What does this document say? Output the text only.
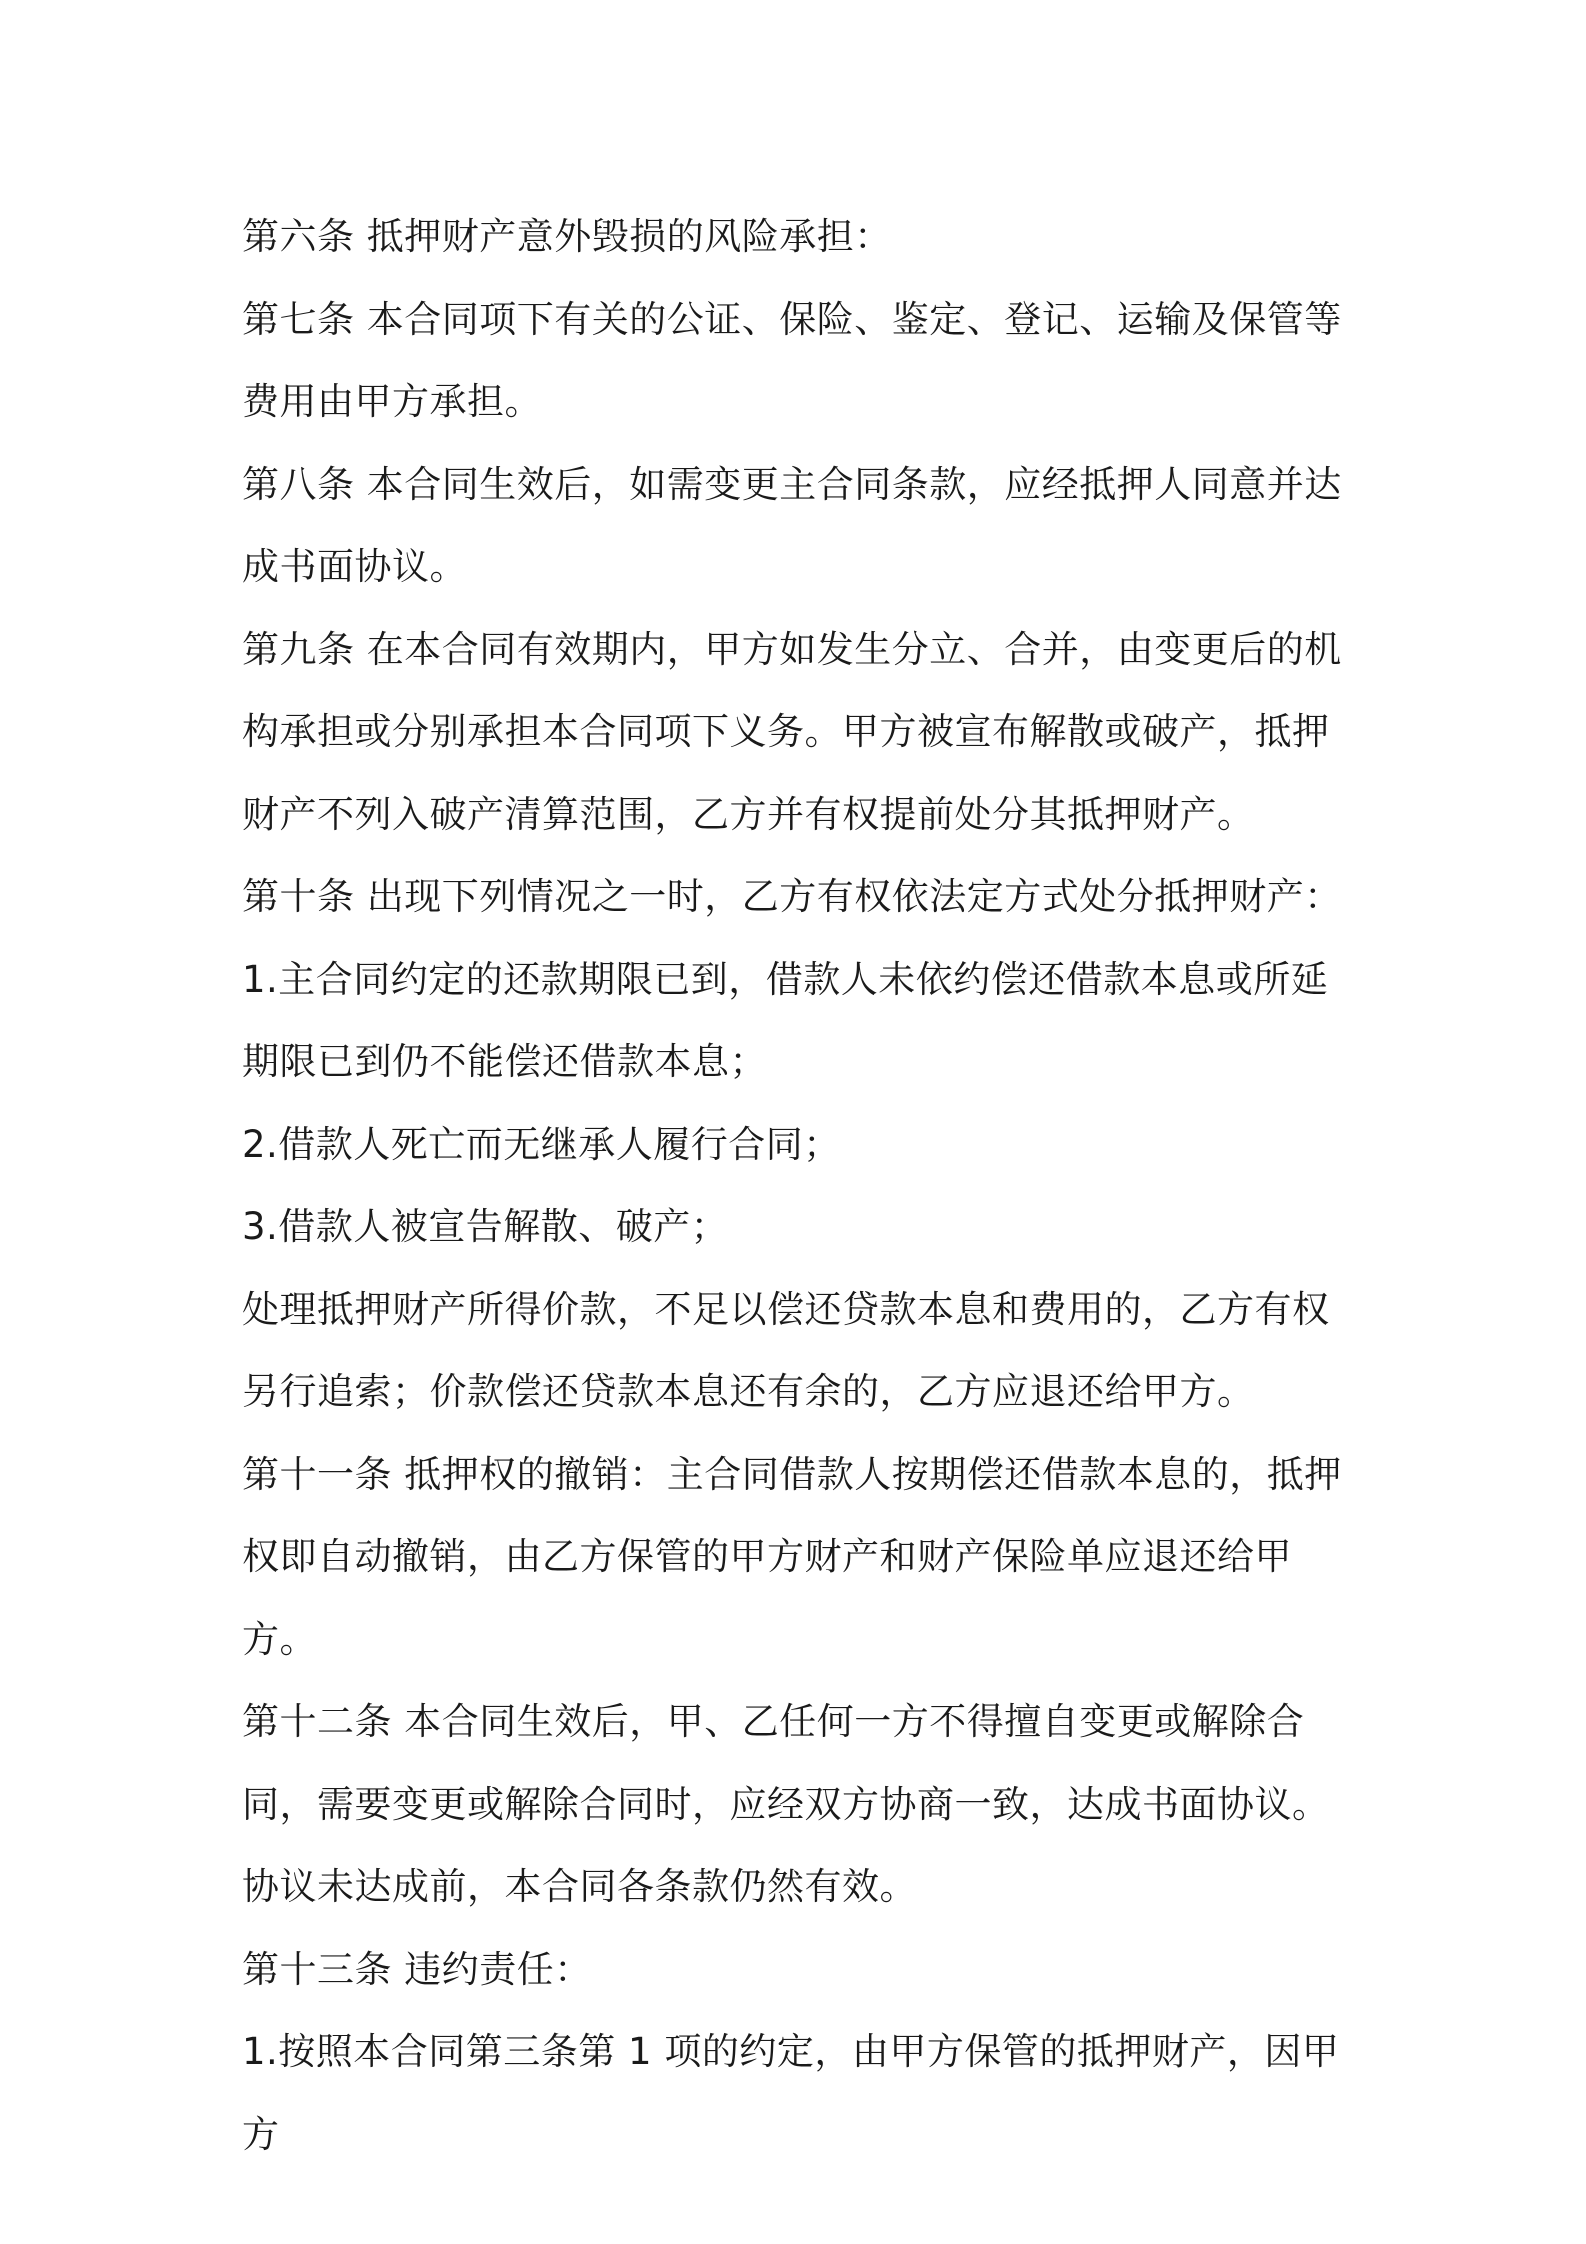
第六条 抵押财产意外毁损的风险承担：

第七条 本合同项下有关的公证、保险、鉴定、登记、运输及保管等费用由甲方承担。

第八条 本合同生效后，如需变更主合同条款，应经抵押人同意并达成书面协议。

第九条 在本合同有效期内，甲方如发生分立、合并，由变更后的机构承担或分别承担本合同项下义务。甲方被宣布解散或破产，抵押财产不列入破产清算范围，乙方并有权提前处分其抵押财产。

第十条 出现下列情况之一时，乙方有权依法定方式处分抵押财产：

1.主合同约定的还款期限已到，借款人未依约偿还借款本息或所延期限已到仍不能偿还借款本息；

2.借款人死亡而无继承人履行合同；

3.借款人被宣告解散、破产；

处理抵押财产所得价款，不足以偿还贷款本息和费用的，乙方有权另行追索；价款偿还贷款本息还有余的，乙方应退还给甲方。

第十一条 抵押权的撤销：主合同借款人按期偿还借款本息的，抵押权即自动撤销，由乙方保管的甲方财产和财产保险单应退还给甲方。

第十二条 本合同生效后，甲、乙任何一方不得擅自变更或解除合同，需要变更或解除合同时，应经双方协商一致，达成书面协议。协议未达成前，本合同各条款仍然有效。

第十三条 违约责任：

1.按照本合同第三条第 1 项的约定，由甲方保管的抵押财产，因甲方
